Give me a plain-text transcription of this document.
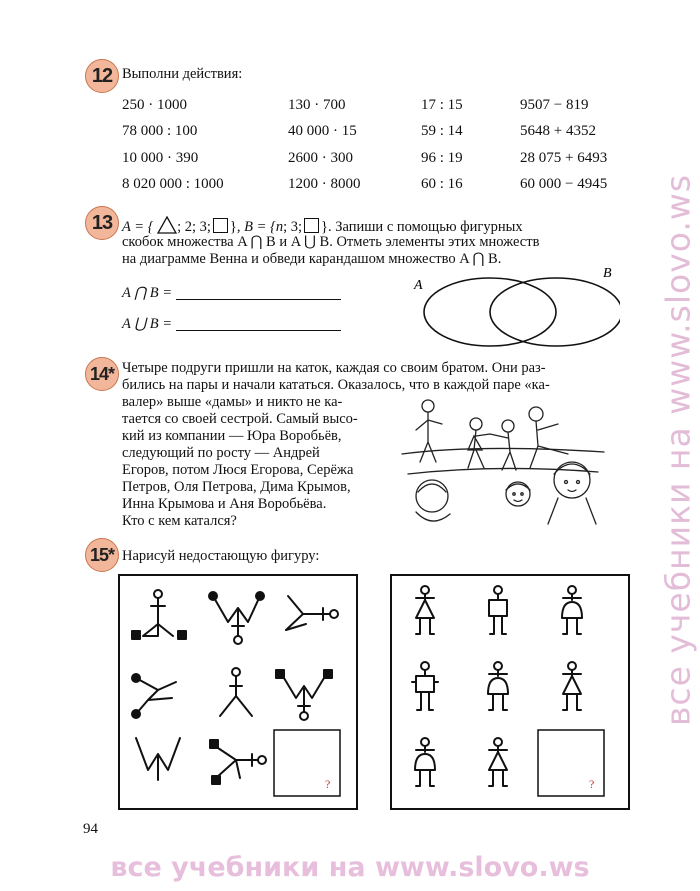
12 Выполни действия:
250 · 1000
78 000 : 100
10 000 · 390
8 020 000 : 1000
130 · 700
40 000 · 15
2600 · 300
1200 · 8000
17 : 15
59 : 14
96 : 19
60 : 16
9507 − 819
5648 + 4352
28 075 + 6493
60 000 − 4945
13 A = { ; 2; 3; }, B = {n; 3; }. Запиши с помощью фигурных
скобок множества A ⋂ B и A ⋃ B. Отметь элементы этих множеств
на диаграмме Венна и обведи карандашом множество A ⋂ B.
A ⋂ B =
A ⋃ B =
A
B
14* Четыре подруги пришли на каток, каждая со своим братом. Они раз-
бились на пары и начали кататься. Оказалось, что в каждой паре «ка-
валер» выше «дамы» и никто не ка-
тается со своей сестрой. Самый высо-
кий из компании — Юра Воробьёв,
следующий по росту — Андрей
Егоров, потом Люся Егорова, Серёжа
Петров, Оля Петрова, Дима Крымов,
Инна Крымова и Аня Воробьёва.
Кто с кем катался?
15* Нарисуй недостающую фигуру:
?	?
94
все учебники на www.slovo.ws
все учебники на www.slovo.ws
